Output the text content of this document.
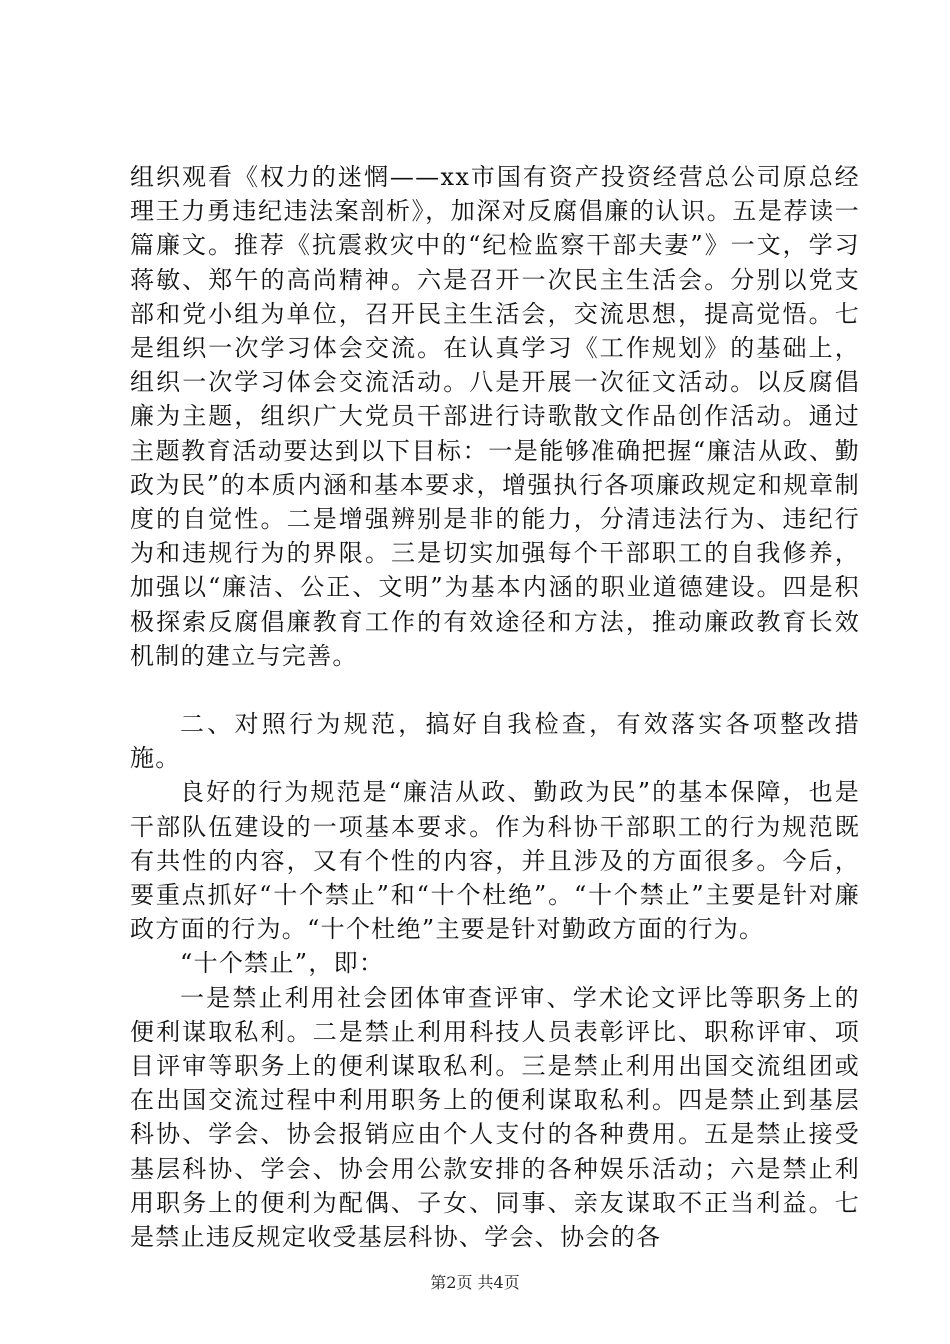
组织观看《权力的迷惘——xx市国有资产投资经营总公司原总经理王力勇违纪违法案剖析》，加深对反腐倡廉的认识。五是荐读一篇廉文。推荐《抗震救灾中的“纪检监察干部夫妻”》一文，学习蒋敏、郑午的高尚精神。六是召开一次民主生活会。分别以党支部和党小组为单位，召开民主生活会，交流思想，提高觉悟。七是组织一次学习体会交流。在认真学习《工作规划》的基础上，组织一次学习体会交流活动。八是开展一次征文活动。以反腐倡廉为主题，组织广大党员干部进行诗歌散文作品创作活动。通过主题教育活动要达到以下目标：一是能够准确把握“廉洁从政、勤政为民”的本质内涵和基本要求，增强执行各项廉政规定和规章制度的自觉性。二是增强辨别是非的能力，分清违法行为、违纪行为和违规行为的界限。三是切实加强每个干部职工的自我修养，加强以“廉洁、公正、文明”为基本内涵的职业道德建设。四是积极探索反腐倡廉教育工作的有效途径和方法，推动廉政教育长效机制的建立与完善。

二、对照行为规范，搞好自我检查，有效落实各项整改措施。

良好的行为规范是“廉洁从政、勤政为民”的基本保障，也是干部队伍建设的一项基本要求。作为科协干部职工的行为规范既有共性的内容，又有个性的内容，并且涉及的方面很多。今后，要重点抓好“十个禁止”和“十个杜绝”。“十个禁止”主要是针对廉政方面的行为。“十个杜绝”主要是针对勤政方面的行为。

“十个禁止”，即：

一是禁止利用社会团体审查评审、学术论文评比等职务上的便利谋取私利。二是禁止利用科技人员表彰评比、职称评审、项目评审等职务上的便利谋取私利。三是禁止利用出国交流组团或在出国交流过程中利用职务上的便利谋取私利。四是禁止到基层科协、学会、协会报销应由个人支付的各种费用。五是禁止接受基层科协、学会、协会用公款安排的各种娱乐活动；六是禁止利用职务上的便利为配偶、子女、同事、亲友谋取不正当利益。七是禁止违反规定收受基层科协、学会、协会的各

第2页 共4页
